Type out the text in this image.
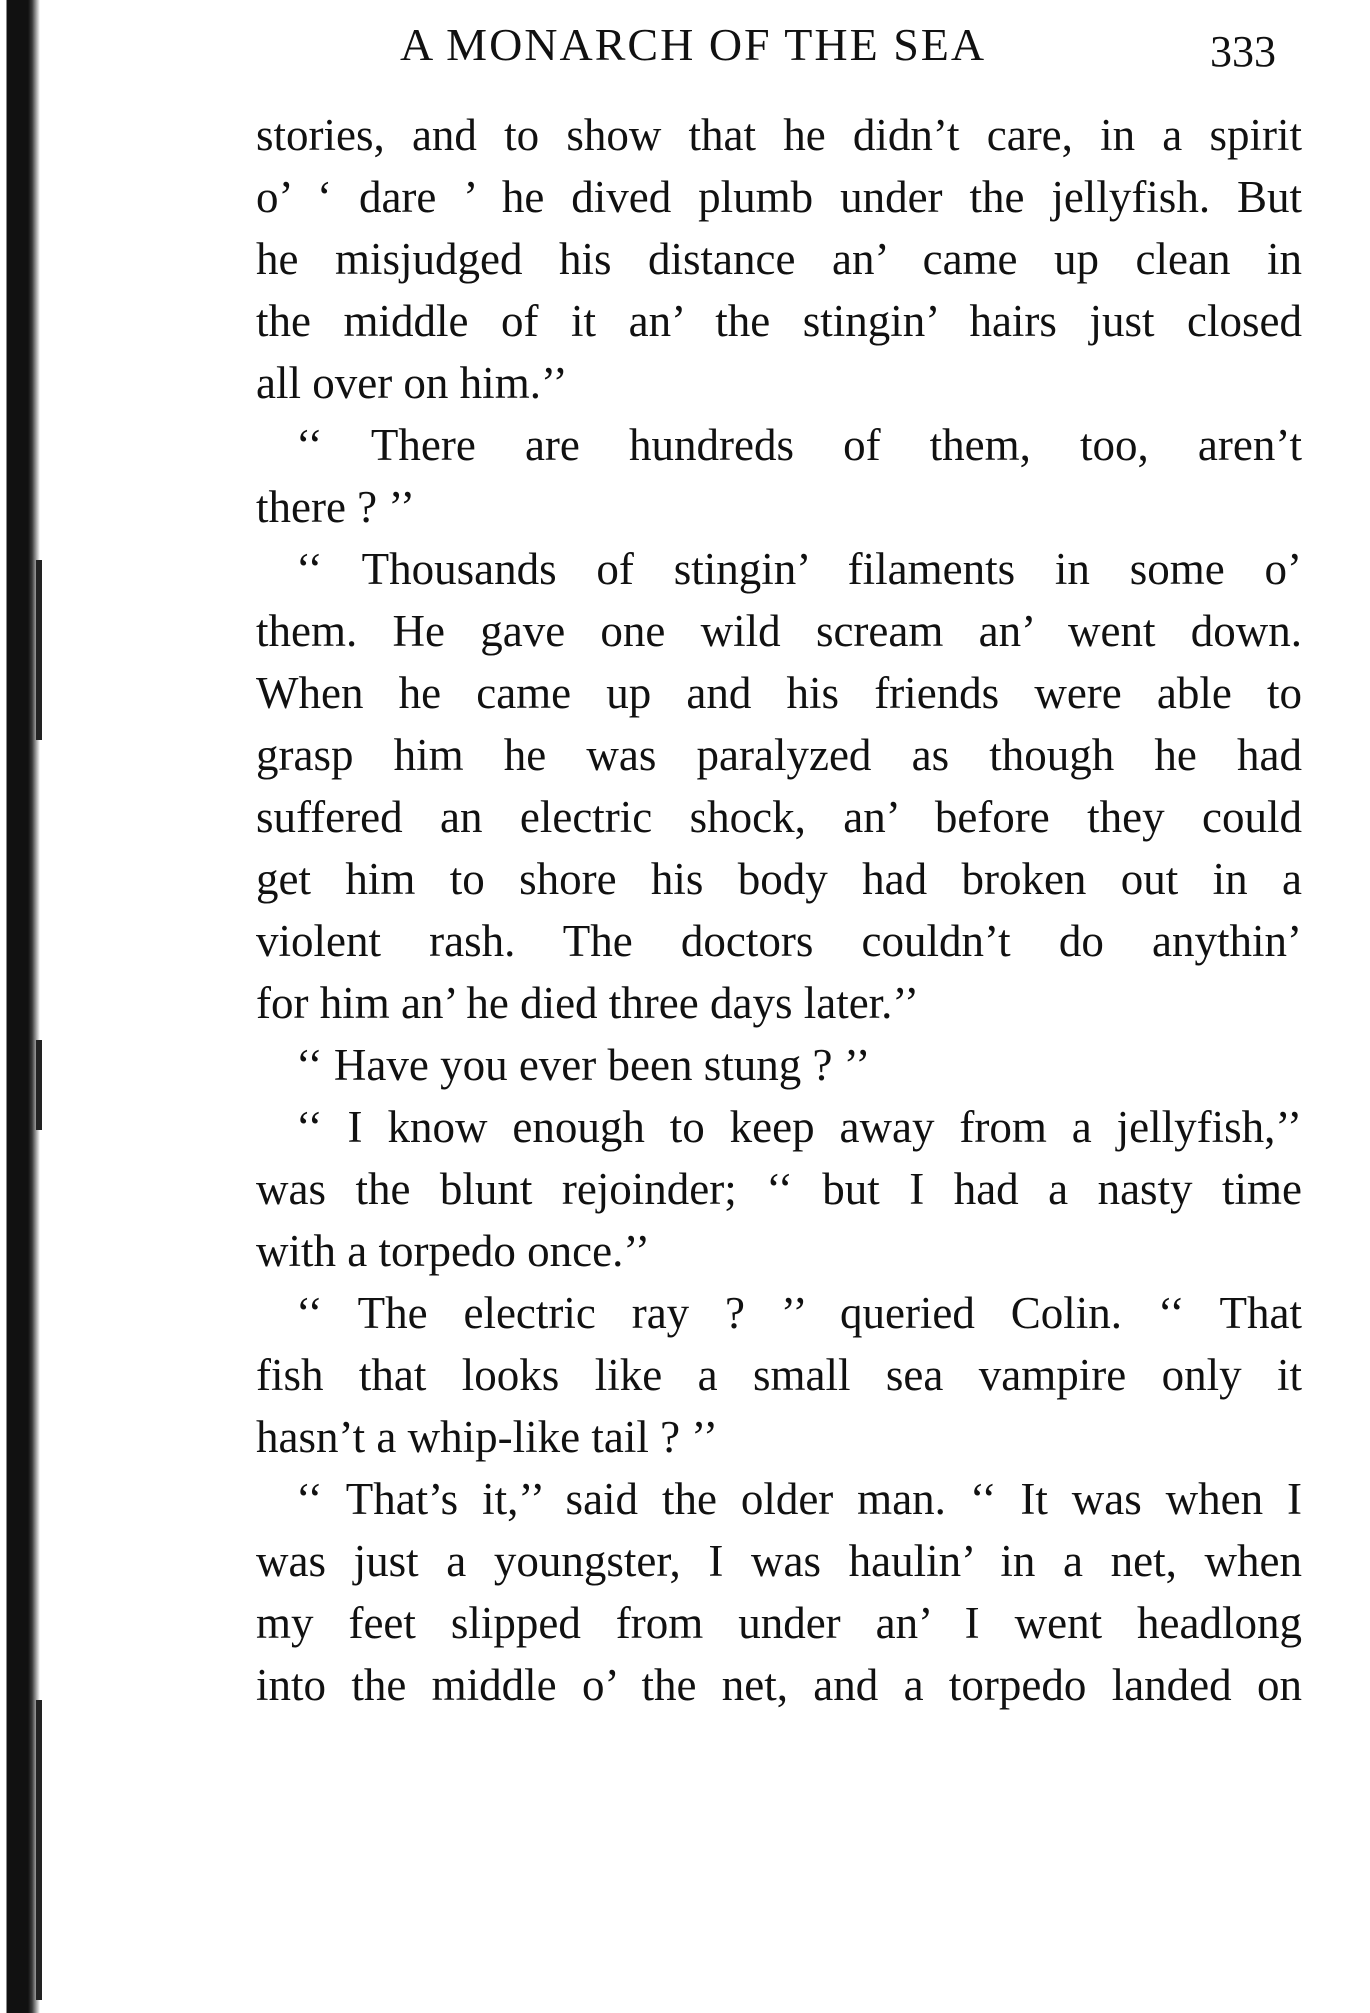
A MONARCH OF THE SEA	333
stories, and to show that he didn’t care, in a spirit
o’ ‘ dare ’ he dived plumb under the jellyfish. But
he misjudged his distance an’ came up clean in
the middle of it an’ the stingin’ hairs just closed
all over on him.’’
‘‘ There are hundreds of them, too, aren’t
there ? ’’
‘‘ Thousands of stingin’ filaments in some o’
them. He gave one wild scream an’ went down.
When he came up and his friends were able to
grasp him he was paralyzed as though he had
suffered an electric shock, an’ before they could
get him to shore his body had broken out in a
violent rash. The doctors couldn’t do anythin’
for him an’ he died three days later.’’
‘‘ Have you ever been stung ? ’’
‘‘ I know enough to keep away from a jellyfish,’’
was the blunt rejoinder; ‘‘ but I had a nasty time
with a torpedo once.’’
‘‘ The electric ray ? ’’ queried Colin. ‘‘ That
fish that looks like a small sea vampire only it
hasn’t a whip-like tail ? ’’
‘‘ That’s it,’’ said the older man. ‘‘ It was when I
was just a youngster, I was haulin’ in a net, when
my feet slipped from under an’ I went headlong
into the middle o’ the net, and a torpedo landed on
